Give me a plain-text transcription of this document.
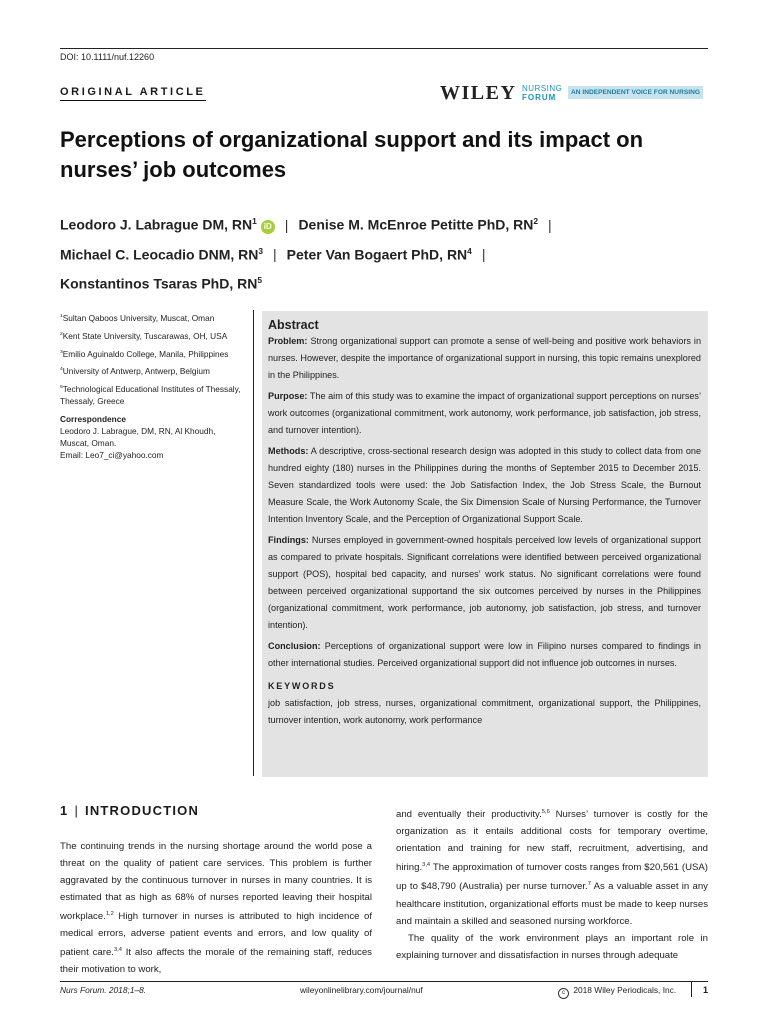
DOI: 10.1111/nuf.12260
ORIGINAL ARTICLE	WILEY NURSING
FORUM
AN INDEPENDENT VOICE FOR NURSING
Perceptions of organizational support and its impact on nurses’ job outcomes
Leodoro J. Labrague DM, $RN^1iD$ | Denise M. McEnroe Petitte PhD, $RN^2$ |
Michael C. Leocadio DNM, $RN^3$ | Peter Van Bogaert PhD, $RN^4$ |
Konstantinos Tsaras PhD, $RN^5$

$^1$Sultan Qaboos University, Muscat, Oman

$^2$Kent State University, Tuscarawas, OH, USA

$^3$Emilio Aguinaldo College, Manila, Philippines

$^4$University of Antwerp, Antwerp, Belgium

$^5$Technological Educational Institutes of Thessaly, Thessaly, Greece

Correspondence

Leodoro J. Labrague, DM, RN, Al Khoudh,
Muscat, Oman.
Email: Leo7_ci@yahoo.com
Abstract

Problem: Strong organizational support can promote a sense of well-being and positive work behaviors in nurses. However, despite the importance of organizational support in nursing, this topic remains unexplored in the Philippines.

Purpose: The aim of this study was to examine the impact of organizational support perceptions on nurses’ work outcomes (organizational commitment, work autonomy, work performance, job satisfaction, job stress, and turnover intention).

Methods: A descriptive, cross-sectional research design was adopted in this study to collect data from one hundred eighty (180) nurses in the Philippines during the months of September 2015 to December 2015. Seven standardized tools were used: the Job Satisfaction Index, the Job Stress Scale, the Burnout Measure Scale, the Work Autonomy Scale, the Six Dimension Scale of Nursing Performance, the Turnover Intention Inventory Scale, and the Perception of Organizational Support Scale.

Findings: Nurses employed in government-owned hospitals perceived low levels of organizational support as compared to private hospitals. Significant correlations were identified between perceived organizational support (POS), hospital bed capacity, and nurses’ work status. No significant correlations were found between perceived organizational supportand the six outcomes perceived by nurses in the Philippines (organizational commitment, work performance, job autonomy, job satisfaction, job stress, and turnover intention).

Conclusion: Perceptions of organizational support were low in Filipino nurses compared to findings in other international studies. Perceived organizational support did not influence job outcomes in nurses.

KEYWORDS

job satisfaction, job stress, nurses, organizational commitment, organizational support, the Philippines, turnover intention, work autonomy, work performance

1 | INTRODUCTION

The continuing trends in the nursing shortage around the world pose a threat on the quality of patient care services. This problem is further aggravated by the continuous turnover in nurses in many countries. It is estimated that as high as 68% of nurses reported leaving their hospital workplace.$^{1,2}$ High turnover in nurses is attributed to high incidence of medical errors, adverse patient events and errors, and low quality of patient care.$^{3,4}$ It also affects the morale of the remaining staff, reduces their motivation to work,

and eventually their productivity.$^{5,6}$ Nurses’ turnover is costly for the organization as it entails additional costs for temporary overtime, orientation and training for new staff, recruitment, advertising, and hiring.$^{3,4}$ The approximation of turnover costs ranges from $20,561 (USA) up to $48,790 (Australia) per nurse turnover.$^7$ As a valuable asset in any healthcare institution, organizational efforts must be made to keep nurses and maintain a skilled and seasoned nursing workforce.

The quality of the work environment plays an important role in explaining turnover and dissatisfaction in nurses through adequate

Nurs Forum. 2018;1–8.	wileyonlinelibrary.com/journal/nuf	c 2018 Wiley Periodicals, Inc.	1
